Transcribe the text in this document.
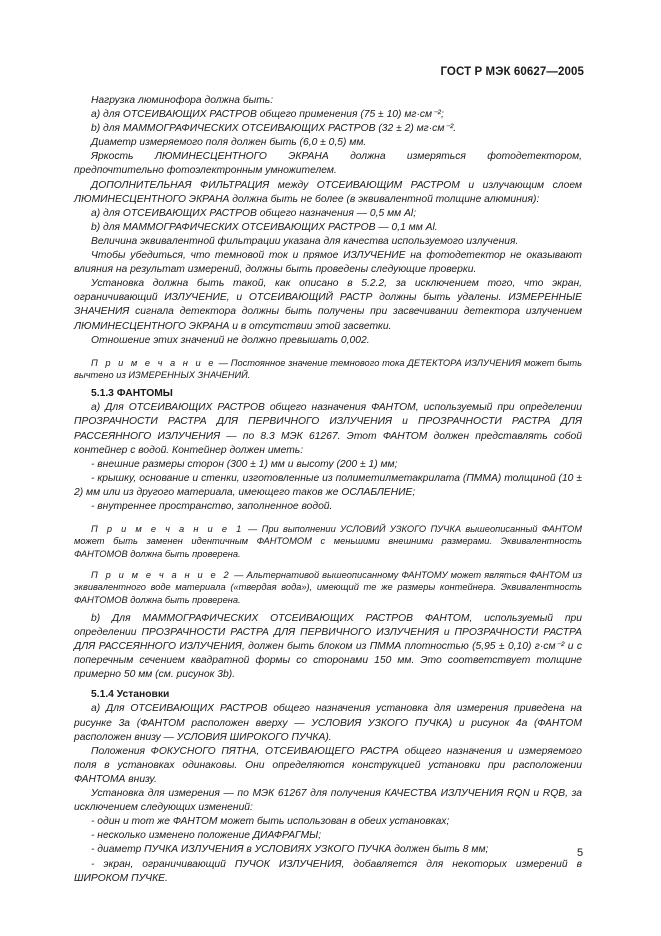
ГОСТ Р МЭК 60627—2005

Нагрузка люминофора должна быть:

a) для ОТСЕИВАЮЩИХ РАСТРОВ общего применения (75 ± 10) мг·см⁻²;

b) для МАММОГРАФИЧЕСКИХ ОТСЕИВАЮЩИХ РАСТРОВ (32 ± 2) мг·см⁻².

Диаметр измеряемого поля должен быть (6,0 ± 0,5) мм.

Яркость ЛЮМИНЕСЦЕНТНОГО ЭКРАНА должна измеряться фотодетектором, предпочтительно фотоэлектронным умножителем.

ДОПОЛНИТЕЛЬНАЯ ФИЛЬТРАЦИЯ между ОТСЕИВАЮЩИМ РАСТРОМ и излучающим слоем ЛЮМИНЕСЦЕНТНОГО ЭКРАНА должна быть не более (в эквивалентной толщине алюминия):

a) для ОТСЕИВАЮЩИХ РАСТРОВ общего назначения — 0,5 мм Al;

b) для МАММОГРАФИЧЕСКИХ ОТСЕИВАЮЩИХ РАСТРОВ — 0,1 мм Al.

Величина эквивалентной фильтрации указана для качества используемого излучения.

Чтобы убедиться, что темновой ток и прямое ИЗЛУЧЕНИЕ на фотодетектор не оказывают влияния на результат измерений, должны быть проведены следующие проверки.

Установка должна быть такой, как описано в 5.2.2, за исключением того, что экран, ограничивающий ИЗЛУЧЕНИЕ, и ОТСЕИВАЮЩИЙ РАСТР должны быть удалены. ИЗМЕРЕННЫЕ ЗНАЧЕНИЯ сигнала детектора должны быть получены при засвечивании детектора излучением ЛЮМИНЕСЦЕНТНОГО ЭКРАНА и в отсутствии этой засветки.

Отношение этих значений не должно превышать 0,002.

П р и м е ч а н и е — Постоянное значение темнового тока ДЕТЕКТОРА ИЗЛУЧЕНИЯ может быть вычтено из ИЗМЕРЕННЫХ ЗНАЧЕНИЙ.

5.1.3 ФАНТОМЫ

a) Для ОТСЕИВАЮЩИХ РАСТРОВ общего назначения ФАНТОМ, используемый при определении ПРОЗРАЧНОСТИ РАСТРА ДЛЯ ПЕРВИЧНОГО ИЗЛУЧЕНИЯ и ПРОЗРАЧНОСТИ РАСТРА ДЛЯ РАССЕЯННОГО ИЗЛУЧЕНИЯ — по 8.3 МЭК 61267. Этот ФАНТОМ должен представлять собой контейнер с водой. Контейнер должен иметь:

- внешние размеры сторон (300 ± 1) мм и высоту (200 ± 1) мм;

- крышку, основание и стенки, изготовленные из полиметилметакрилата (ПММА) толщиной (10 ± 2) мм или из другого материала, имеющего таков же ОСЛАБЛЕНИЕ;

- внутреннее пространство, заполненное водой.

П р и м е ч а н и е 1 — При выполнении УСЛОВИЙ УЗКОГО ПУЧКА вышеописанный ФАНТОМ может быть заменен идентичным ФАНТОМОМ с меньшими внешними размерами. Эквивалентность ФАНТОМОВ должна быть проверена.

П р и м е ч а н и е 2 — Альтернативой вышеописанному ФАНТОМУ может являться ФАНТОМ из эквивалентного воде материала («твердая вода»), имеющий те же размеры контейнера. Эквивалентность ФАНТОМОВ должна быть проверена.

b) Для МАММОГРАФИЧЕСКИХ ОТСЕИВАЮЩИХ РАСТРОВ ФАНТОМ, используемый при определении ПРОЗРАЧНОСТИ РАСТРА ДЛЯ ПЕРВИЧНОГО ИЗЛУЧЕНИЯ и ПРОЗРАЧНОСТИ РАСТРА ДЛЯ РАССЕЯННОГО ИЗЛУЧЕНИЯ, должен быть блоком из ПММА плотностью (5,95 ± 0,10) г·см⁻² и с поперечным сечением квадратной формы со сторонами 150 мм. Это соответствует толщине примерно 50 мм (см. рисунок 3b).

5.1.4 Установки

a) Для ОТСЕИВАЮЩИХ РАСТРОВ общего назначения установка для измерения приведена на рисунке 3а (ФАНТОМ расположен вверху — УСЛОВИЯ УЗКОГО ПУЧКА) и рисунок 4а (ФАНТОМ расположен внизу — УСЛОВИЯ ШИРОКОГО ПУЧКА).

Положения ФОКУСНОГО ПЯТНА, ОТСЕИВАЮЩЕГО РАСТРА общего назначения и измеряемого поля в установках одинаковы. Они определяются конструкцией установки при расположении ФАНТОМА внизу.

Установка для измерения — по МЭК 61267 для получения КАЧЕСТВА ИЗЛУЧЕНИЯ RQN и RQB, за исключением следующих изменений:

- один и тот же ФАНТОМ может быть использован в обеих установках;

- несколько изменено положение ДИАФРАГМЫ;

- диаметр ПУЧКА ИЗЛУЧЕНИЯ в УСЛОВИЯХ УЗКОГО ПУЧКА должен быть 8 мм;

- экран, ограничивающий ПУЧОК ИЗЛУЧЕНИЯ, добавляется для некоторых измерений в ШИРОКОМ ПУЧКЕ.

5
